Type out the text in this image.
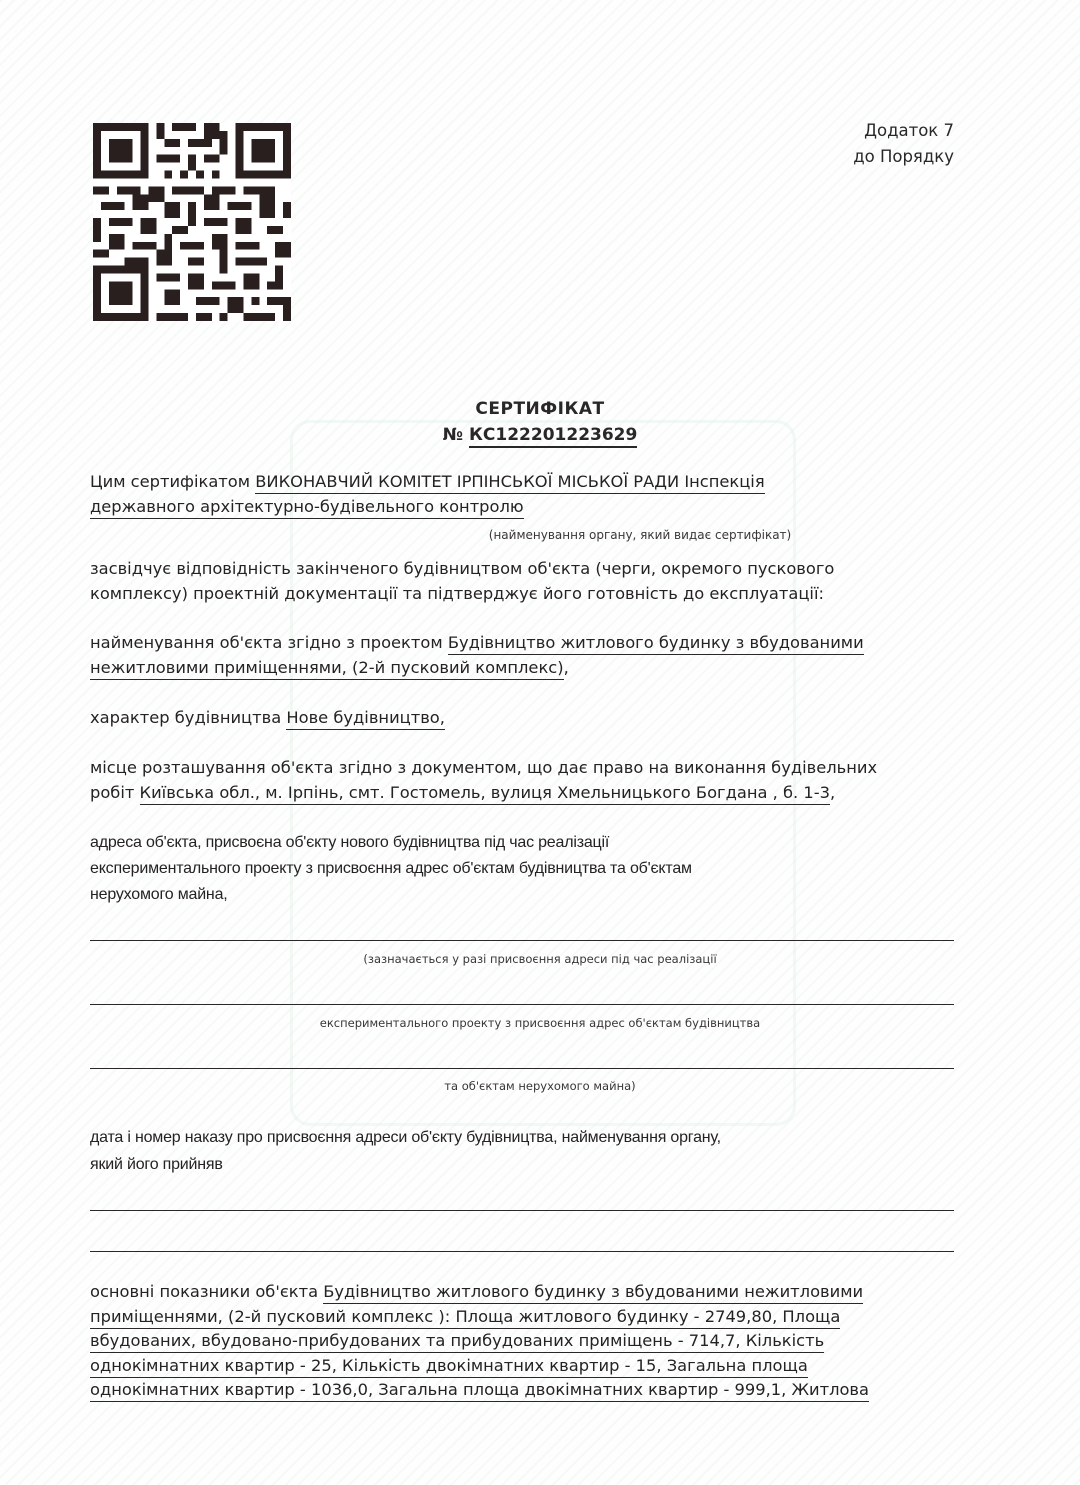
Додаток 7
до Порядку
СЕРТИФІКАТ
№ КС122201223629
Цим сертифікатом ВИКОНАВЧИЙ КОМІТЕТ ІРПІНСЬКОЇ МІСЬКОЇ РАДИ Інспекція
державного архітектурно-будівельного контролю
(найменування органу, який видає сертифікат)
засвідчує відповідність закінченого будівництвом об'єкта (черги, окремого пускового
комплексу) проектній документації та підтверджує його готовність до експлуатації:
найменування об'єкта згідно з проектом Будівництво житлового будинку з вбудованими
нежитловими приміщеннями, (2-й пусковий комплекс),
характер будівництва Нове будівництво,
місце розташування об'єкта згідно з документом, що дає право на виконання будівельних
робіт Київська обл., м. Ірпінь, смт. Гостомель, вулиця Хмельницького Богдана , б. 1-3,
адреса об'єкта, присвоєна об'єкту нового будівництва під час реалізації
експериментального проекту з присвоєння адрес об'єктам будівництва та об'єктам
нерухомого майна,
(зазначається у разі присвоєння адреси під час реалізації
експериментального проекту з присвоєння адрес об'єктам будівництва
та об'єктам нерухомого майна)
дата і номер наказу про присвоєння адреси об'єкту будівництва, найменування органу,
який його прийняв
основні показники об'єкта Будівництво житлового будинку з вбудованими нежитловими
приміщеннями, (2-й пусковий комплекс ): Площа житлового будинку - 2749,80, Площа
вбудованих, вбудовано-прибудованих та прибудованих приміщень - 714,7, Кількість
однокімнатних квартир - 25, Кількість двокімнатних квартир - 15, Загальна площа
однокімнатних квартир - 1036,0, Загальна площа двокімнатних квартир - 999,1, Житлова
